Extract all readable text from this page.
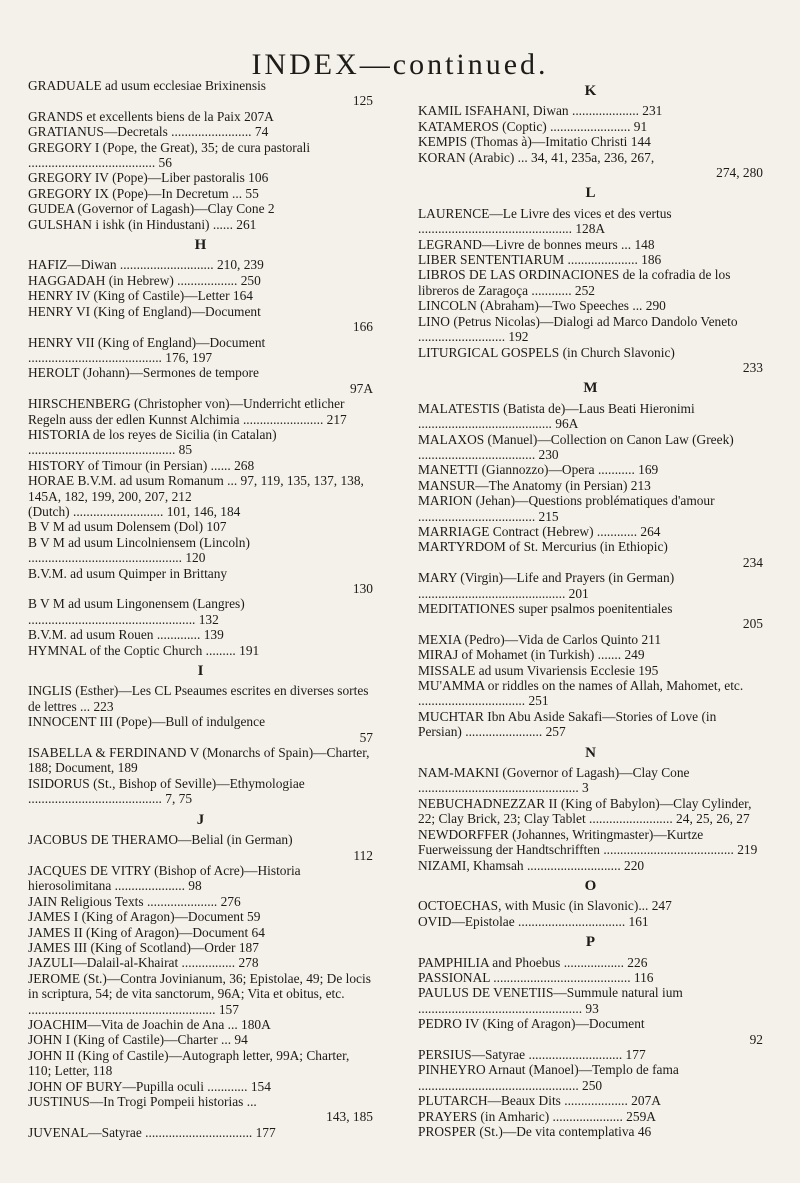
INDEX—continued.

GRADUALE ad usum ecclesiae Brixinensis

125

GRANDS et excellents biens de la Paix 207A

GRATIANUS—Decretals ........................ 74

GREGORY I (Pope, the Great), 35; de cura pastorali ...................................... 56

GREGORY IV (Pope)—Liber pastoralis 106

GREGORY IX (Pope)—In Decretum ... 55

GUDEA (Governor of Lagash)—Clay Cone 2

GULSHAN i ishk (in Hindustani) ...... 261

H

HAFIZ—Diwan ............................ 210, 239

HAGGADAH (in Hebrew) .................. 250

HENRY IV (King of Castile)—Letter 164

HENRY VI (King of England)—Document

166

HENRY VII (King of England)—Document ........................................ 176, 197

HEROLT (Johann)—Sermones de tempore

97A

HIRSCHENBERG (Christopher von)—Underricht etlicher Regeln auss der edlen Kunnst Alchimia ........................ 217

HISTORIA de los reyes de Sicilia (in Catalan) ............................................ 85

HISTORY of Timour (in Persian) ...... 268

HORAE B.V.M. ad usum Romanum ... 97, 119, 135, 137, 138, 145A, 182, 199, 200, 207, 212

(Dutch) ........................... 101, 146, 184

B V M ad usum Dolensem (Dol) 107

B V M ad usum Lincolniensem (Lincoln) .............................................. 120

B.V.M. ad usum Quimper in Brittany

130

B V M ad usum Lingonensem (Langres) .................................................. 132

B.V.M. ad usum Rouen ............. 139

HYMNAL of the Coptic Church ......... 191

I

INGLIS (Esther)—Les CL Pseaumes escrites en diverses sortes de lettres ... 223

INNOCENT III (Pope)—Bull of indulgence

57

ISABELLA & FERDINAND V (Monarchs of Spain)—Charter, 188; Document, 189

ISIDORUS (St., Bishop of Seville)—Ethymologiae ........................................ 7, 75

J

JACOBUS DE THERAMO—Belial (in German)

112

JACQUES DE VITRY (Bishop of Acre)—Historia hierosolimitana ..................... 98

JAIN Religious Texts ..................... 276

JAMES I (King of Aragon)—Document 59

JAMES II (King of Aragon)—Document 64

JAMES III (King of Scotland)—Order 187

JAZULI—Dalail-al-Khairat ................ 278

JEROME (St.)—Contra Jovinianum, 36; Epistolae, 49; De locis in scriptura, 54; de vita sanctorum, 96A; Vita et obitus, etc. ........................................................ 157

JOACHIM—Vita de Joachin de Ana ... 180A

JOHN I (King of Castile)—Charter ... 94

JOHN II (King of Castile)—Autograph letter, 99A; Charter, 110; Letter, 118

JOHN OF BURY—Pupilla oculi ............ 154

JUSTINUS—In Trogi Pompeii historias ...

143, 185

JUVENAL—Satyrae ................................ 177

K

KAMIL ISFAHANI, Diwan .................... 231

KATAMEROS (Coptic) ........................ 91

KEMPIS (Thomas à)—Imitatio Christi 144

KORAN (Arabic) ... 34, 41, 235a, 236, 267,

274, 280

L

LAURENCE—Le Livre des vices et des vertus .............................................. 128A

LEGRAND—Livre de bonnes meurs ... 148

LIBER SENTENTIARUM ..................... 186

LIBROS DE LAS ORDINACIONES de la cofradia de los libreros de Zaragoça ............ 252

LINCOLN (Abraham)—Two Speeches ... 290

LINO (Petrus Nicolas)—Dialogi ad Marco Dandolo Veneto .......................... 192

LITURGICAL GOSPELS (in Church Slavonic)

233

M

MALATESTIS (Batista de)—Laus Beati Hieronimi ........................................ 96A

MALAXOS (Manuel)—Collection on Canon Law (Greek) ................................... 230

MANETTI (Giannozzo)—Opera ........... 169

MANSUR—The Anatomy (in Persian) 213

MARION (Jehan)—Questions problématiques d'amour ................................... 215

MARRIAGE Contract (Hebrew) ............ 264

MARTYRDOM of St. Mercurius (in Ethiopic)

234

MARY (Virgin)—Life and Prayers (in German) ............................................ 201

MEDITATIONES super psalmos poenitentiales

205

MEXIA (Pedro)—Vida de Carlos Quinto 211

MIRAJ of Mohamet (in Turkish) ....... 249

MISSALE ad usum Vivariensis Ecclesie 195

MU'AMMA or riddles on the names of Allah, Mahomet, etc. ................................ 251

MUCHTAR Ibn Abu Aside Sakafi—Stories of Love (in Persian) ....................... 257

N

NAM-MAKNI (Governor of Lagash)—Clay Cone ................................................ 3

NEBUCHADNEZZAR II (King of Babylon)—Clay Cylinder, 22; Clay Brick, 23; Clay Tablet ......................... 24, 25, 26, 27

NEWDORFFER (Johannes, Writingmaster)—Kurtze Fuerweissung der Handtschrifften ....................................... 219

NIZAMI, Khamsah ............................ 220

O

OCTOECHAS, with Music (in Slavonic)... 247

OVID—Epistolae ................................ 161

P

PAMPHILIA and Phoebus .................. 226

PASSIONAL ......................................... 116

PAULUS DE VENETIIS—Summule natural ium ................................................. 93

PEDRO IV (King of Aragon)—Document

92

PERSIUS—Satyrae ............................ 177

PINHEYRO Arnaut (Manoel)—Templo de fama ................................................ 250

PLUTARCH—Beaux Dits ................... 207A

PRAYERS (in Amharic) ..................... 259A

PROSPER (St.)—De vita contemplativa 46
